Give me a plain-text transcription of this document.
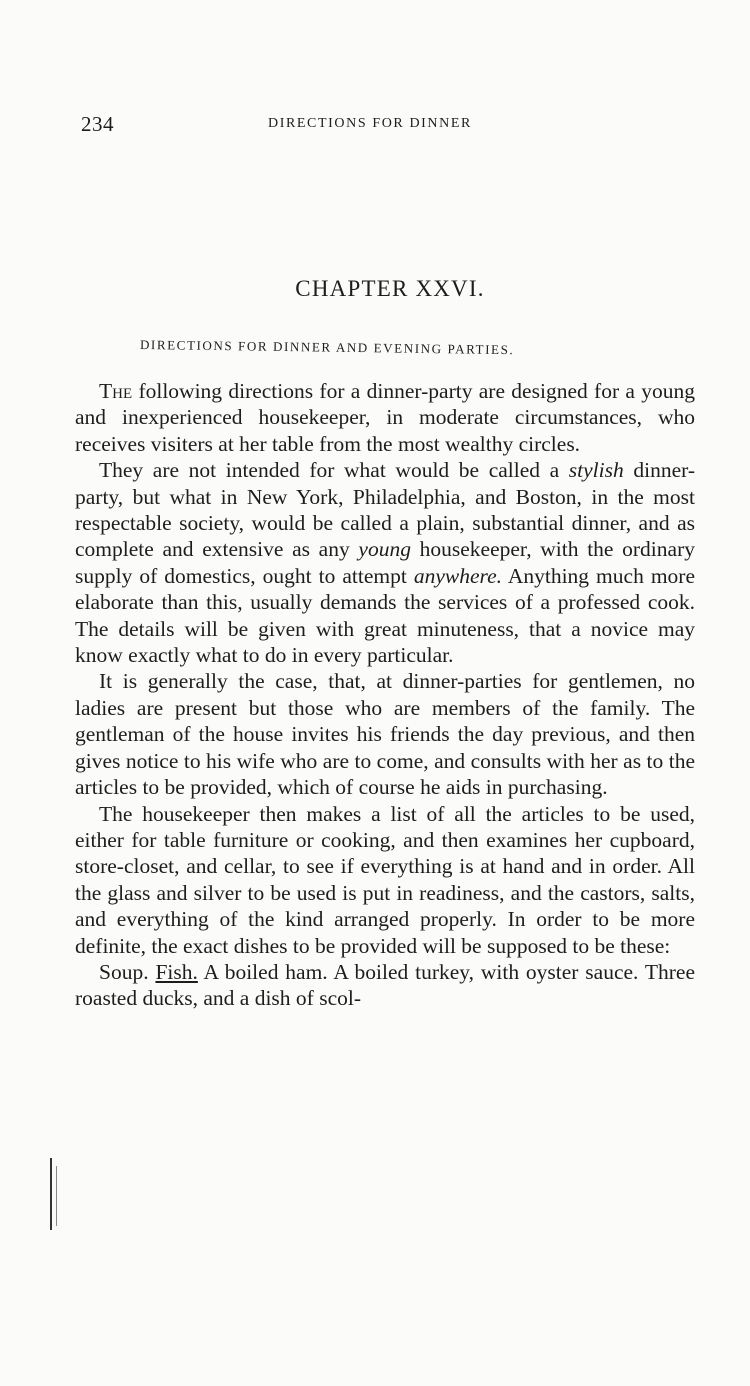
234	DIRECTIONS FOR DINNER
CHAPTER XXVI.
DIRECTIONS FOR DINNER AND EVENING PARTIES.

The following directions for a dinner-party are designed for a young and inexperienced housekeeper, in moderate circumstances, who receives visiters at her table from the most wealthy circles.

They are not intended for what would be called a stylish dinner-party, but what in New York, Philadelphia, and Boston, in the most respectable society, would be called a plain, substantial dinner, and as complete and extensive as any young housekeeper, with the ordinary supply of domestics, ought to attempt anywhere. Anything much more elaborate than this, usually demands the services of a professed cook. The details will be given with great minuteness, that a novice may know exactly what to do in every particular.

It is generally the case, that, at dinner-parties for gentlemen, no ladies are present but those who are members of the family. The gentleman of the house invites his friends the day previous, and then gives notice to his wife who are to come, and consults with her as to the articles to be provided, which of course he aids in purchasing.

The housekeeper then makes a list of all the articles to be used, either for table furniture or cooking, and then examines her cupboard, store-closet, and cellar, to see if everything is at hand and in order. All the glass and silver to be used is put in readiness, and the castors, salts, and everything of the kind arranged properly. In order to be more definite, the exact dishes to be provided will be supposed to be these:

Soup. Fish. A boiled ham. A boiled turkey, with oyster sauce. Three roasted ducks, and a dish of scol-
